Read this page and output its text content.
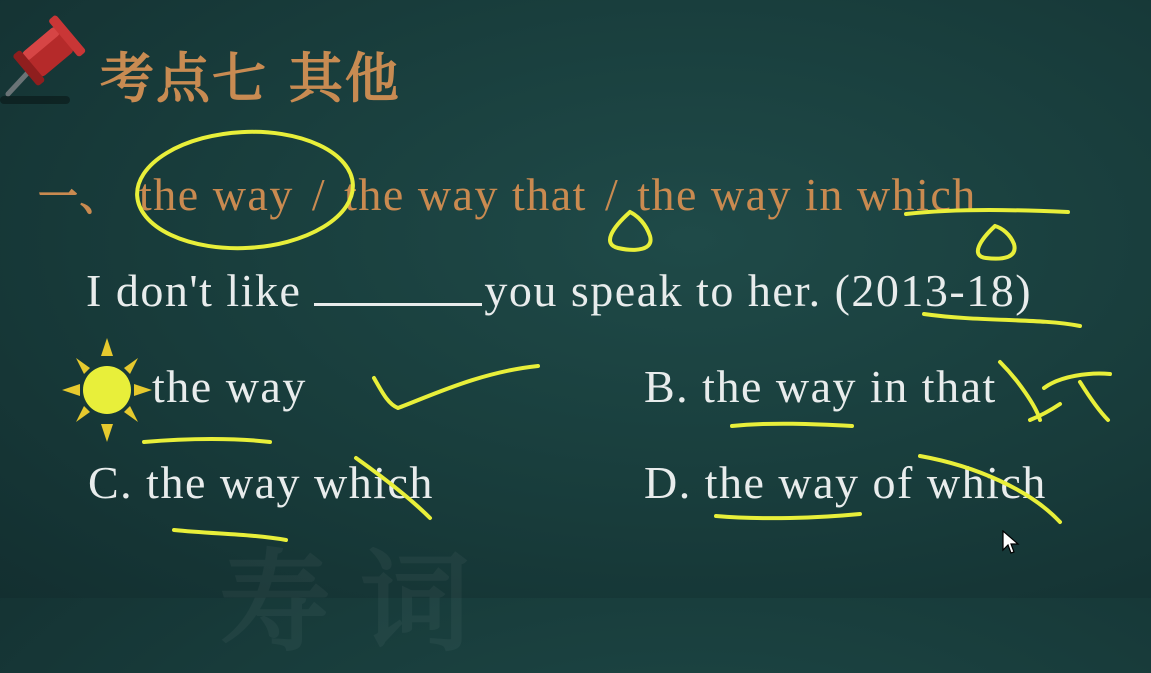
考点七 其他
一、 the way / the way that / the way in which
I don't like	you speak to her. (2013-18)
the way	B. the way in that
C. the way which	D. the way of which
